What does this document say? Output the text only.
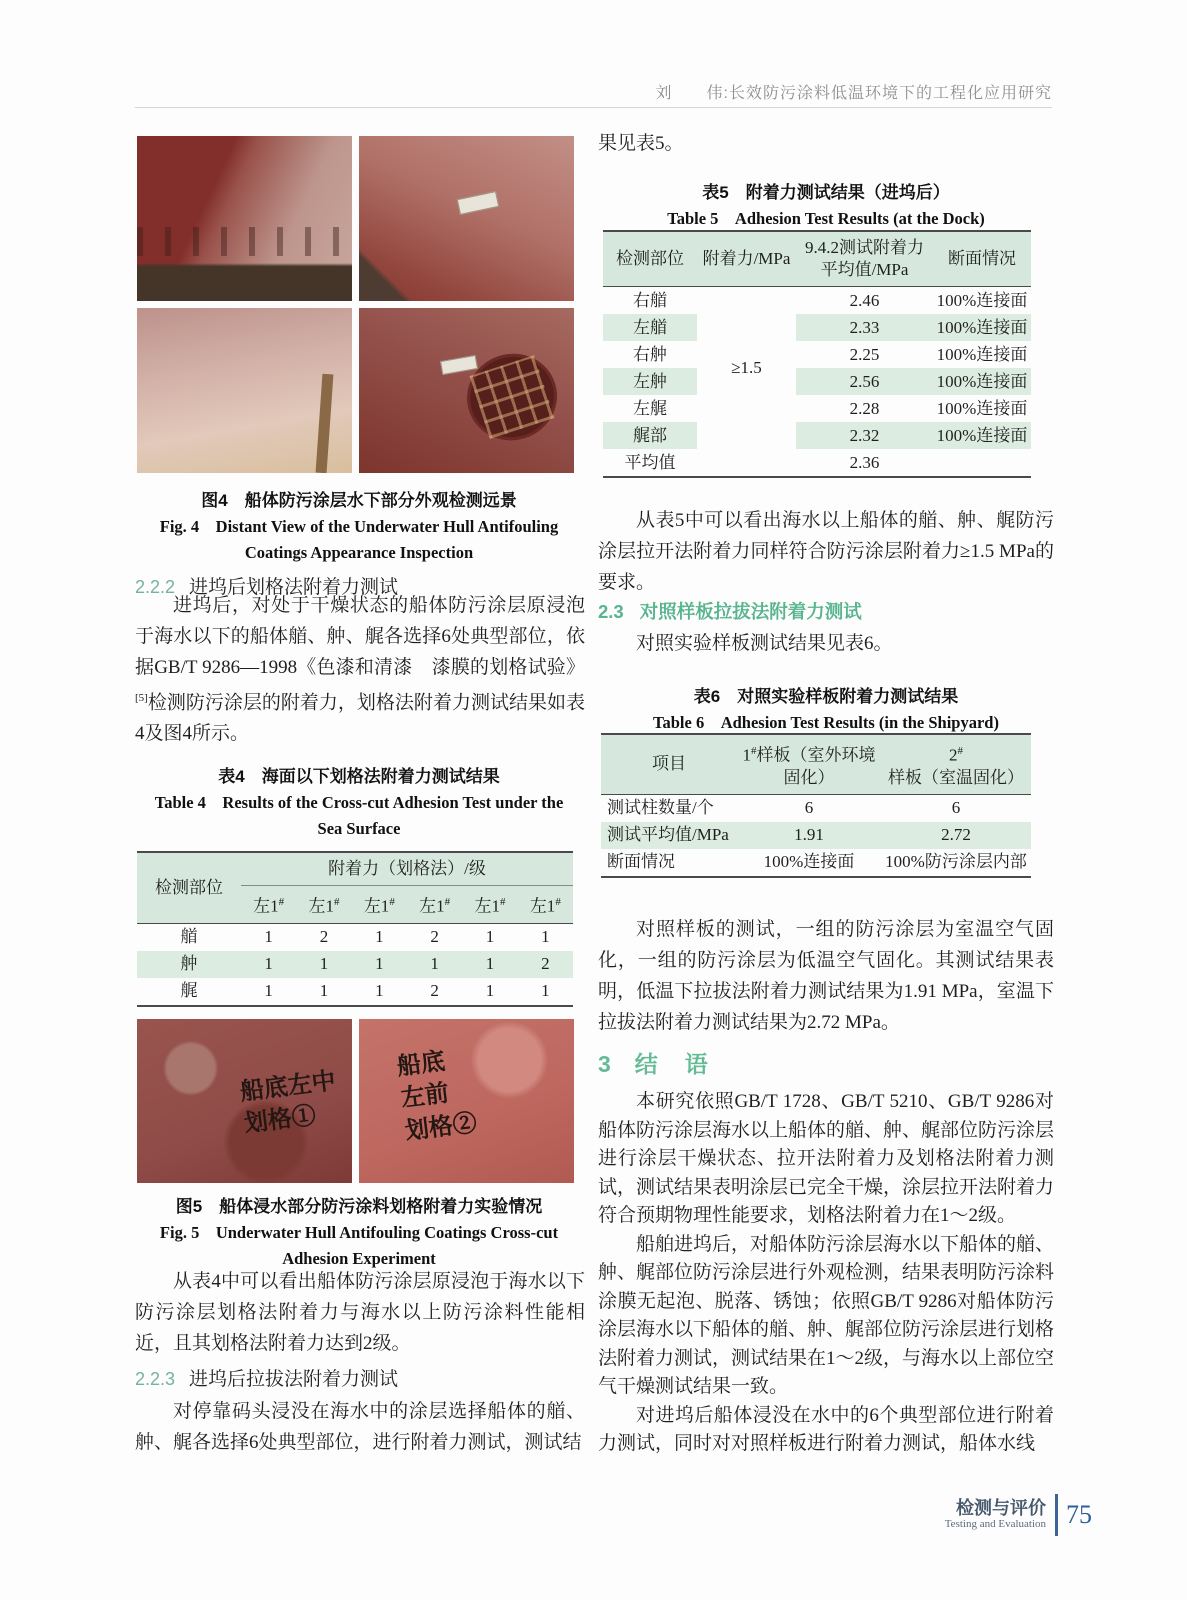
刘　　伟:长效防污涂料低温环境下的工程化应用研究
图4　船体防污涂层水下部分外观检测远景
Fig. 4　Distant View of the Underwater Hull Antifouling
Coatings Appearance Inspection
2.2.2 进坞后划格法附着力测试

进坞后，对处于干燥状态的船体防污涂层原浸泡于海水以下的船体艏、舯、艉各选择6处典型部位，依据GB/T 9286—1998《色漆和清漆　漆膜的划格试验》[5]检测防污涂层的附着力，划格法附着力测试结果如表4及图4所示。

表4　海面以下划格法附着力测试结果
Table 4　Results of the Cross-cut Adhesion Test under the
Sea Surface
检测部位	附着力（划格法）/级					
	左1#	左1#	左1#	左1#	左1#	左1#
艏	1	2	1	2	1	1
舯	1	1	1	1	1	2
艉	1	1	1	2	1	1
船底左中
划格①
船底
左前
划格②
图5　船体浸水部分防污涂料划格附着力实验情况
Fig. 5　Underwater Hull Antifouling Coatings Cross-cut
Adhesion Experiment

从表4中可以看出船体防污涂层原浸泡于海水以下防污涂层划格法附着力与海水以上防污涂料性能相近，且其划格法附着力达到2级。

2.2.3 进坞后拉拔法附着力测试

对停靠码头浸没在海水中的涂层选择船体的艏、舯、艉各选择6处典型部位，进行附着力测试，测试结

果见表5。

表5　附着力测试结果（进坞后）
Table 5　Adhesion Test Results (at the Dock)
检测部位	附着力/MPa	9.4.2测试附着力平均值/MPa	断面情况
右艏	≥1.5	2.46	100%连接面
左艏		2.33	100%连接面
右舯		2.25	100%连接面
左舯		2.56	100%连接面
左艉		2.28	100%连接面
艉部		2.32	100%连接面
平均值		2.36	

从表5中可以看出海水以上船体的艏、舯、艉防污涂层拉开法附着力同样符合防污涂层附着力≥1.5 MPa的要求。

2.3 对照样板拉拔法附着力测试

对照实验样板测试结果见表6。

表6　对照实验样板附着力测试结果
Table 6　Adhesion Test Results (in the Shipyard)
项目	1#样板（室外环境固化）	2#样板（室温固化）
测试柱数量/个	6	6
测试平均值/MPa	1.91	2.72
断面情况	100%连接面	100%防污涂层内部

对照样板的测试，一组的防污涂层为室温空气固化，一组的防污涂层为低温空气固化。其测试结果表明，低温下拉拔法附着力测试结果为1.91 MPa，室温下拉拔法附着力测试结果为2.72 MPa。

3 结　语

本研究依照GB/T 1728、GB/T 5210、GB/T 9286对船体防污涂层海水以上船体的艏、舯、艉部位防污涂层进行涂层干燥状态、拉开法附着力及划格法附着力测试，测试结果表明涂层已完全干燥，涂层拉开法附着力符合预期物理性能要求，划格法附着力在1～2级。

船舶进坞后，对船体防污涂层海水以下船体的艏、舯、艉部位防污涂层进行外观检测，结果表明防污涂料涂膜无起泡、脱落、锈蚀；依照GB/T 9286对船体防污涂层海水以下船体的艏、舯、艉部位防污涂层进行划格法附着力测试，测试结果在1～2级，与海水以上部位空气干燥测试结果一致。

对进坞后船体浸没在水中的6个典型部位进行附着力测试，同时对对照样板进行附着力测试，船体水线

检测与评价
Testing and Evaluation 75
